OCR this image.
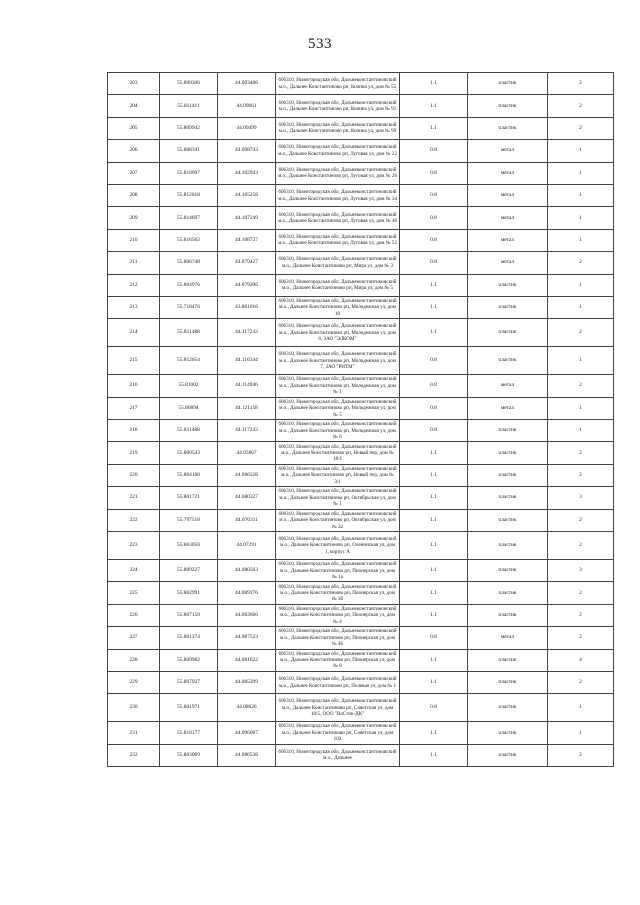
533
203	55.809306	44.093486	606310, Нижегородская обл, Дальнеконстантиновский м.о., Дальнее Константиново рп, Кочина ул, дом № 55	1.1	пластик	2
204	55.811411	44.09661	606310, Нижегородская обл, Дальнеконстантиновский м.о., Дальнее Константиново рп, Кочина ул, дом № 91	1.1	пластик	2
205	55.809942	44.09499	606310, Нижегородская обл, Дальнеконстантиновский м.о., Дальнее Константиново рп, Кочина ул, дом № 99	1.1	пластик	2
206	55.808341	44.098743	606310, Нижегородская обл, Дальнеконстантиновский м.о., Дальнее Константиново рп, Луговая ул, дом № 22	0.8	метал	1
207	55.810097	44.102943	606310, Нижегородская обл, Дальнеконстантиновский м.о., Дальнее Константиново рп, Луговая ул, дом № 26	0.8	метал	1
208	55.812618	44.105258	606310, Нижегородская обл, Дальнеконстантиновский м.о., Дальнее Константиново рп, Луговая ул, дом № 34	0.8	метал	1
209	55.814697	44.107249	606310, Нижегородская обл, Дальнеконстантиновский м.о., Дальнее Константиново рп, Луговая ул, дом № 46	0.8	метал	1
210	55.816562	44.108737	606310, Нижегородская обл, Дальнеконстантиновский м.о., Дальнее Константиново рп, Луговая ул, дом № 52	0.8	метал	1
211	55.806748	44.079427	606310, Нижегородская обл, Дальнеконстантиновский м.о., Дальнее Константиново рп, Мира ул, дом № 3	0.8	метал	2
212	55.804976	44.079206	606310, Нижегородская обл, Дальнеконстантиновский м.о., Дальнее Константиново рп, Мира ул, дом № 5	1.1	пластик	1
213	55.718476	43.861016	606310, Нижегородская обл, Дальнеконстантиновский м.о., Дальнее Константиново рп, Молодежная ул, дом 10	1.1	пластик	1
214	55.811488	44.117243	606310, Нижегородская обл, Дальнеконстантиновский м.о., Дальнее Константиново рп, Молодежная ул, дом 6, ЗАО "ЭЛКОМ"	1.1	пластик	2
215	55.812054	44.116344	606310, Нижегородская обл, Дальнеконстантиновский м.о., Дальнее Константиново рп, Молодежная ул, дом 7, ЗАО "РИТМ"	0.8	пластик	1
216	55.81002	44.114946	606310, Нижегородская обл, Дальнеконстантиновский м.о., Дальнее Константиново рп, Молодежная ул, дом № 1	0.8	метал	2
217	55.80894	44.121158	606310, Нижегородская обл, Дальнеконстантиновский м.о., Дальнее Константиново рп, Молодежная ул, дом № 5	0.8	метал	1
218	55.811488	44.117243	606310, Нижегородская обл, Дальнеконстантиновский м.о., Дальнее Константиново рп, Молодежная ул, дом № 6	0.8	пластик	1
219	55.800543	44.05867	606310, Нижегородская обл, Дальнеконстантиновский м.о., Дальнее Константиново рп, Новый пер, дом № 18/1	1.1	пластик	2
220	55.804188	44.066328	606310, Нижегородская обл, Дальнеконстантиновский м.о., Дальнее Константиново рп, Новый пер, дом № 3/1	1.1	пластик	2
221	55.801721	44.080327	606310, Нижегородская обл, Дальнеконстантиновский м.о., Дальнее Константиново рп, Октябрьская ул, дом № 1	1.1	пластик	3
222	55.797518	44.076311	606310, Нижегородская обл, Дальнеконстантиновский м.о., Дальнее Константиново рп, Октябрьская ул, дом № 32	1.1	пластик	2
223	55.803056	44.07291	606310, Нижегородская обл, Дальнеконстантиновский м.о., Дальнее Константиново рп, Оленинская ул, дом 1, корпус А	1.1	пластик	2
224	55.809227	44.080563	606310, Нижегородская обл, Дальнеконстантиновский м.о., Дальнее Константиново рп, Пионерская ул, дом № 1а	1.1	пластик	3
225	55.802991	44.089376	606310, Нижегородская обл, Дальнеконстантиновский м.о., Дальнее Константиново рп, Пионерская ул, дом № 3б	1.1	пластик	2
226	55.807159	44.083666	606310, Нижегородская обл, Дальнеконстантиновский м.о., Дальнее Константиново рп, Пионерская ул, дом № 4	1.1	пластик	2
227	55.801374	44.087523	606310, Нижегородская обл, Дальнеконстантиновский м.о., Дальнее Константиново рп, Пионерская ул, дом № 46	0.8	метал	2
228	55.809982	44.081622	606310, Нижегородская обл, Дальнеконстантиновский м.о., Дальнее Константиново рп, Пионерская ул, дом № 8	1.1	пластик	4
229	55.807927	44.085399	606310, Нижегородская обл, Дальнеконстантиновский м.о., Дальнее Константиново рп, Полевая ул, дом № 1	1.1	пластик	2
230	55.801971	44.08626	606310, Нижегородская обл, Дальнеконстантиновский м.о., Дальнее Константиново рп, Советская ул, дом 10/5, ООО "ВоСток-ДК"	0.8	пластик	1
231	55.810177	44.096087	606310, Нижегородская обл, Дальнеконстантиновский м.о., Дальнее Константиново рп, Советская ул, дом 103	1.1	пластик	1
232	55.803009	44.086538	606310, Нижегородская обл, Дальнеконстантиновский м.о., Дальнее	1.1	пластик	2
